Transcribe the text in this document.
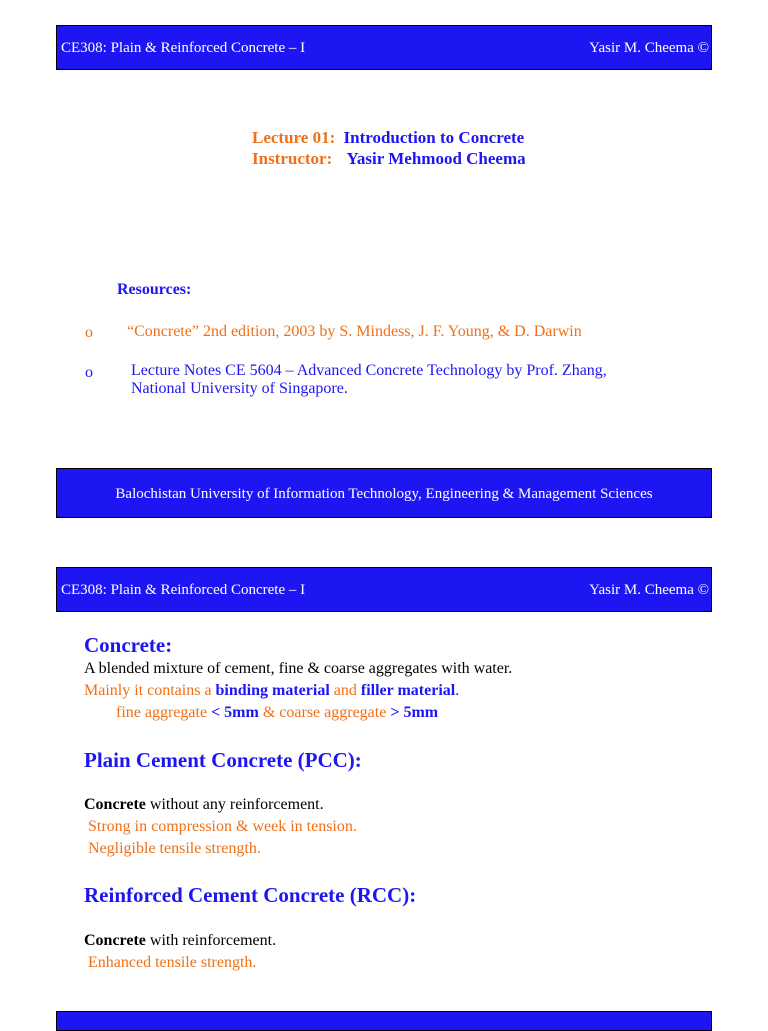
CE308: Plain & Reinforced Concrete – I	Yasir M. Cheema ©
Lecture 01: Introduction to Concrete
Instructor: Yasir Mehmood Cheema
Resources:
o “Concrete” 2nd edition, 2003 by S. Mindess, J. F. Young, & D. Darwin
o Lecture Notes CE 5604 – Advanced Concrete Technology by Prof. Zhang,
National University of Singapore.
Balochistan University of Information Technology, Engineering & Management Sciences
CE308: Plain & Reinforced Concrete – I	Yasir M. Cheema ©
Concrete:
A blended mixture of cement, fine & coarse aggregates with water.
Mainly it contains a binding material and filler material.
fine aggregate < 5mm & coarse aggregate > 5mm
Plain Cement Concrete (PCC):
Concrete without any reinforcement.
Strong in compression & week in tension.
Negligible tensile strength.
Reinforced Cement Concrete (RCC):
Concrete with reinforcement.
Enhanced tensile strength.
